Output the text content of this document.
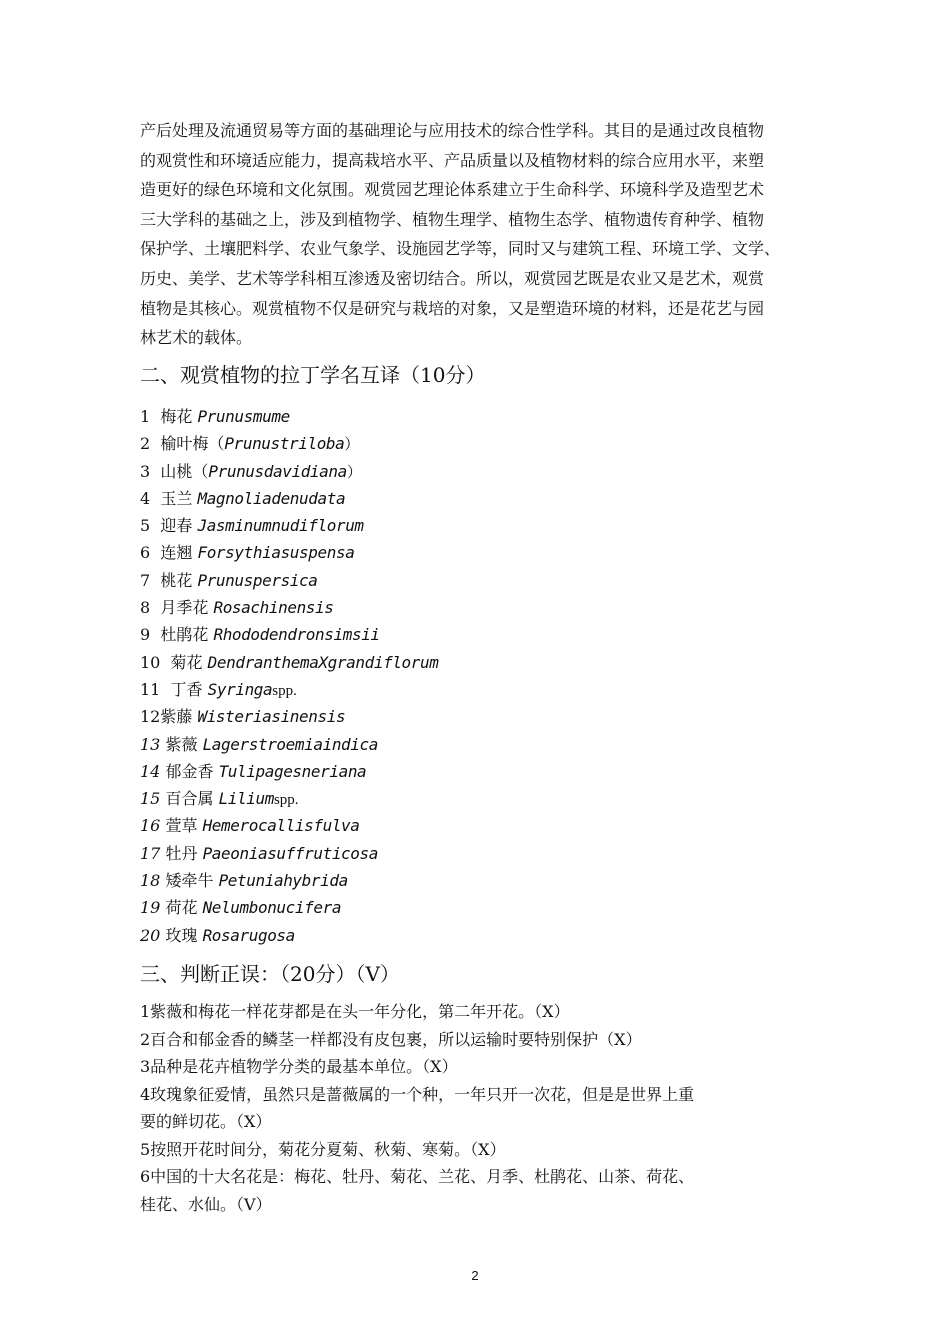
产后处理及流通贸易等方面的基础理论与应用技术的综合性学科。其目的是通过改良植物
的观赏性和环境适应能力，提高栽培水平、产品质量以及植物材料的综合应用水平，来塑
造更好的绿色环境和文化氛围。观赏园艺理论体系建立于生命科学、环境科学及造型艺术
三大学科的基础之上，涉及到植物学、植物生理学、植物生态学、植物遗传育种学、植物
保护学、土壤肥料学、农业气象学、设施园艺学等，同时又与建筑工程、环境工学、文学、
历史、美学、艺术等学科相互渗透及密切结合。所以，观赏园艺既是农业又是艺术，观赏
植物是其核心。观赏植物不仅是研究与栽培的对象，又是塑造环境的材料，还是花艺与园
林艺术的载体。
二、观赏植物的拉丁学名互译（10分）
1 梅花 Prunusmume
2 榆叶梅（Prunustriloba）
3 山桃（Prunusdavidiana）
4 玉兰 Magnoliadenudata
5 迎春 Jasminumnudiflorum
6 连翘 Forsythiasuspensa
7 桃花 Prunuspersica
8 月季花 Rosachinensis
9 杜鹃花 Rhododendronsimsii
10 菊花 DendranthemaXgrandiflorum
11 丁香 Syringaspp.
12紫藤 Wisteriasinensis
13 紫薇 Lagerstroemiaindica
14 郁金香 Tulipagesneriana
15 百合属 Liliumspp.
16 萱草 Hemerocallisfulva
17 牡丹 Paeoniasuffruticosa
18 矮牵牛 Petuniahybrida
19 荷花 Nelumbonucifera
20 玫瑰 Rosarugosa
三、判断正误：（20分）（V）
1紫薇和梅花一样花芽都是在头一年分化，第二年开花。（X）
2百合和郁金香的鳞茎一样都没有皮包裹，所以运输时要特别保护（X）
3品种是花卉植物学分类的最基本单位。（X）
4玫瑰象征爱情，虽然只是蔷薇属的一个种，一年只开一次花，但是是世界上重
要的鲜切花。（X）
5按照开花时间分，菊花分夏菊、秋菊、寒菊。（X）
6中国的十大名花是：梅花、牡丹、菊花、兰花、月季、杜鹃花、山茶、荷花、
桂花、水仙。（V）
2
